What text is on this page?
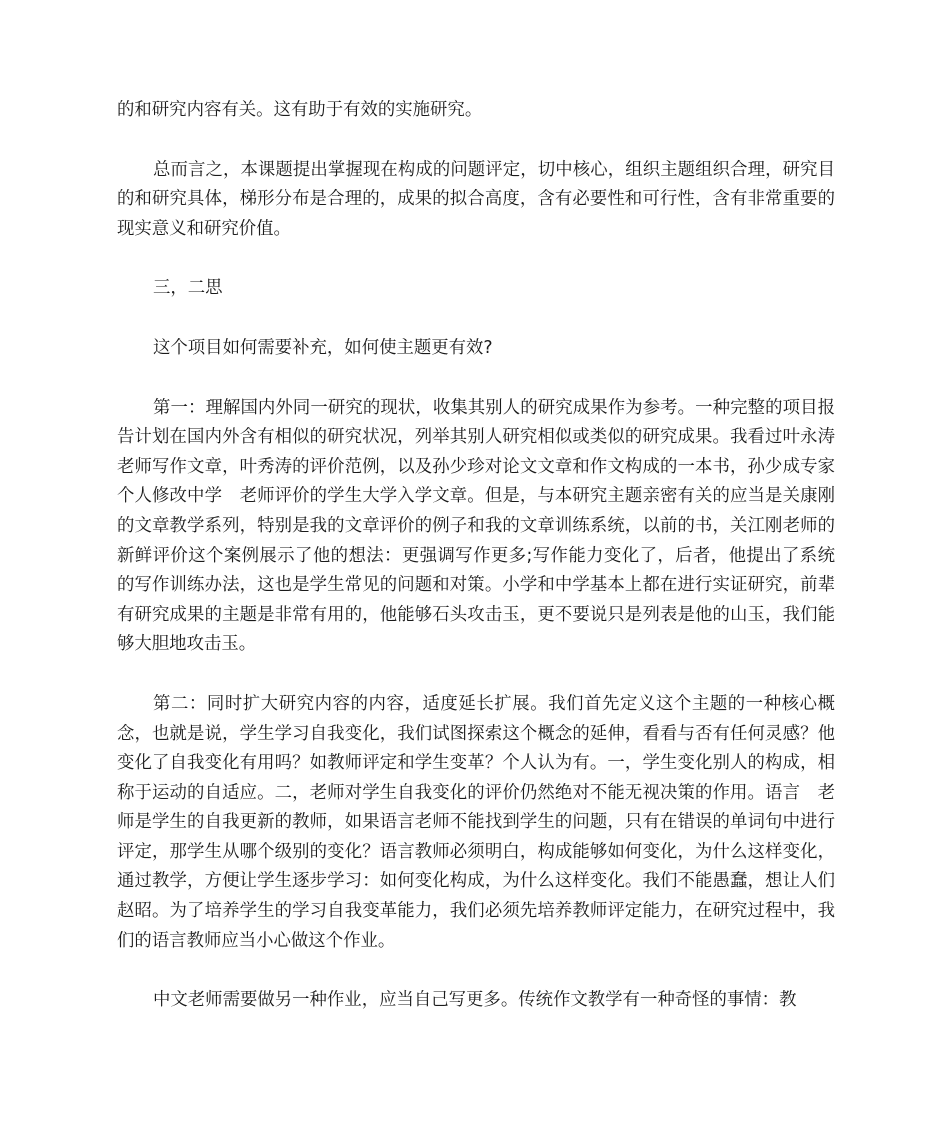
的和研究内容有关。这有助于有效的实施研究。

总而言之，本课题提出掌握现在构成的问题评定，切中核心，组织主题组织合理，研究目的和研究具体，梯形分布是合理的，成果的拟合高度，含有必要性和可行性，含有非常重要的现实意义和研究价值。

三，二思

这个项目如何需要补充，如何使主题更有效?

第一：理解国内外同一研究的现状，收集其别人的研究成果作为参考。一种完整的项目报告计划在国内外含有相似的研究状况，列举其别人研究相似或类似的研究成果。我看过叶永涛老师写作文章，叶秀涛的评价范例，以及孙少珍对论文文章和作文构成的一本书，孙少成专家个人修改中学　老师评价的学生大学入学文章。但是，与本研究主题亲密有关的应当是关康刚的文章教学系列，特别是我的文章评价的例子和我的文章训练系统，以前的书，关江刚老师的新鲜评价这个案例展示了他的想法：更强调写作更多;写作能力变化了，后者，他提出了系统的写作训练办法，这也是学生常见的问题和对策。小学和中学基本上都在进行实证研究，前辈有研究成果的主题是非常有用的，他能够石头攻击玉，更不要说只是列表是他的山玉，我们能够大胆地攻击玉。

第二：同时扩大研究内容的内容，适度延长扩展。我们首先定义这个主题的一种核心概念，也就是说，学生学习自我变化，我们试图探索这个概念的延伸，看看与否有任何灵感？他变化了自我变化有用吗？如教师评定和学生变革？个人认为有。一，学生变化别人的构成，相称于运动的自适应。二，老师对学生自我变化的评价仍然绝对不能无视决策的作用。语言　老师是学生的自我更新的教师，如果语言老师不能找到学生的问题，只有在错误的单词句中进行评定，那学生从哪个级别的变化？语言教师必须明白，构成能够如何变化，为什么这样变化，通过教学，方便让学生逐步学习：如何变化构成，为什么这样变化。我们不能愚蠢，想让人们赵昭。为了培养学生的学习自我变革能力，我们必须先培养教师评定能力，在研究过程中，我们的语言教师应当小心做这个作业。

中文老师需要做另一种作业，应当自己写更多。传统作文教学有一种奇怪的事情：教
